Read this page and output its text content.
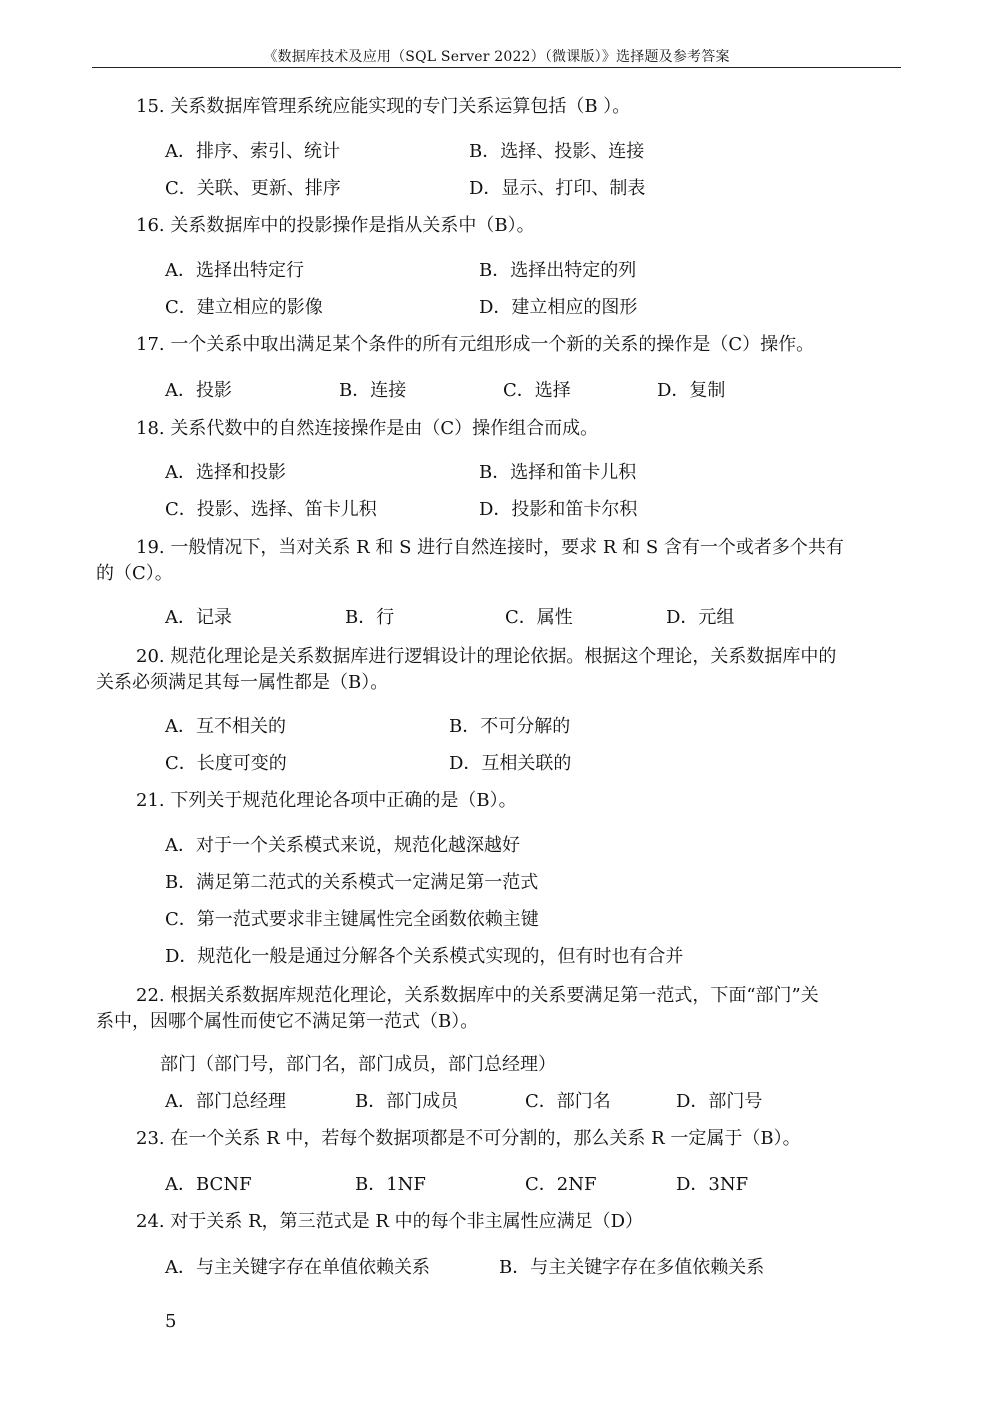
《数据库技术及应用（SQL Server 2022）（微课版）》选择题及参考答案
15. 关系数据库管理系统应能实现的专门关系运算包括（B ）。
A．排序、索引、统计	B．选择、投影、连接
C．关联、更新、排序	D．显示、打印、制表
16. 关系数据库中的投影操作是指从关系中（B）。
A．选择出特定行	B．选择出特定的列
C．建立相应的影像	D．建立相应的图形
17. 一个关系中取出满足某个条件的所有元组形成一个新的关系的操作是（C）操作。
A．投影	B．连接	C．选择	D．复制
18. 关系代数中的自然连接操作是由（C）操作组合而成。
A．选择和投影	B．选择和笛卡儿积
C．投影、选择、笛卡儿积	D．投影和笛卡尔积
19. 一般情况下，当对关系 R 和 S 进行自然连接时，要求 R 和 S 含有一个或者多个共有
的（C）。
A．记录	B．行	C．属性	D．元组
20. 规范化理论是关系数据库进行逻辑设计的理论依据。根据这个理论，关系数据库中的
关系必须满足其每一属性都是（B）。
A．互不相关的	B．不可分解的
C．长度可变的	D．互相关联的
21. 下列关于规范化理论各项中正确的是（B）。
A．对于一个关系模式来说，规范化越深越好
B．满足第二范式的关系模式一定满足第一范式
C．第一范式要求非主键属性完全函数依赖主键
D．规范化一般是通过分解各个关系模式实现的，但有时也有合并
22. 根据关系数据库规范化理论，关系数据库中的关系要满足第一范式，下面“部门”关
系中，因哪个属性而使它不满足第一范式（B）。
部门（部门号，部门名，部门成员，部门总经理）
A．部门总经理	B．部门成员	C．部门名	D．部门号
23. 在一个关系 R 中，若每个数据项都是不可分割的，那么关系 R 一定属于（B）。
A．BCNF	B．1NF	C．2NF	D．3NF
24. 对于关系 R，第三范式是 R 中的每个非主属性应满足（D）
A．与主关键字存在单值依赖关系	B．与主关键字存在多值依赖关系
5
